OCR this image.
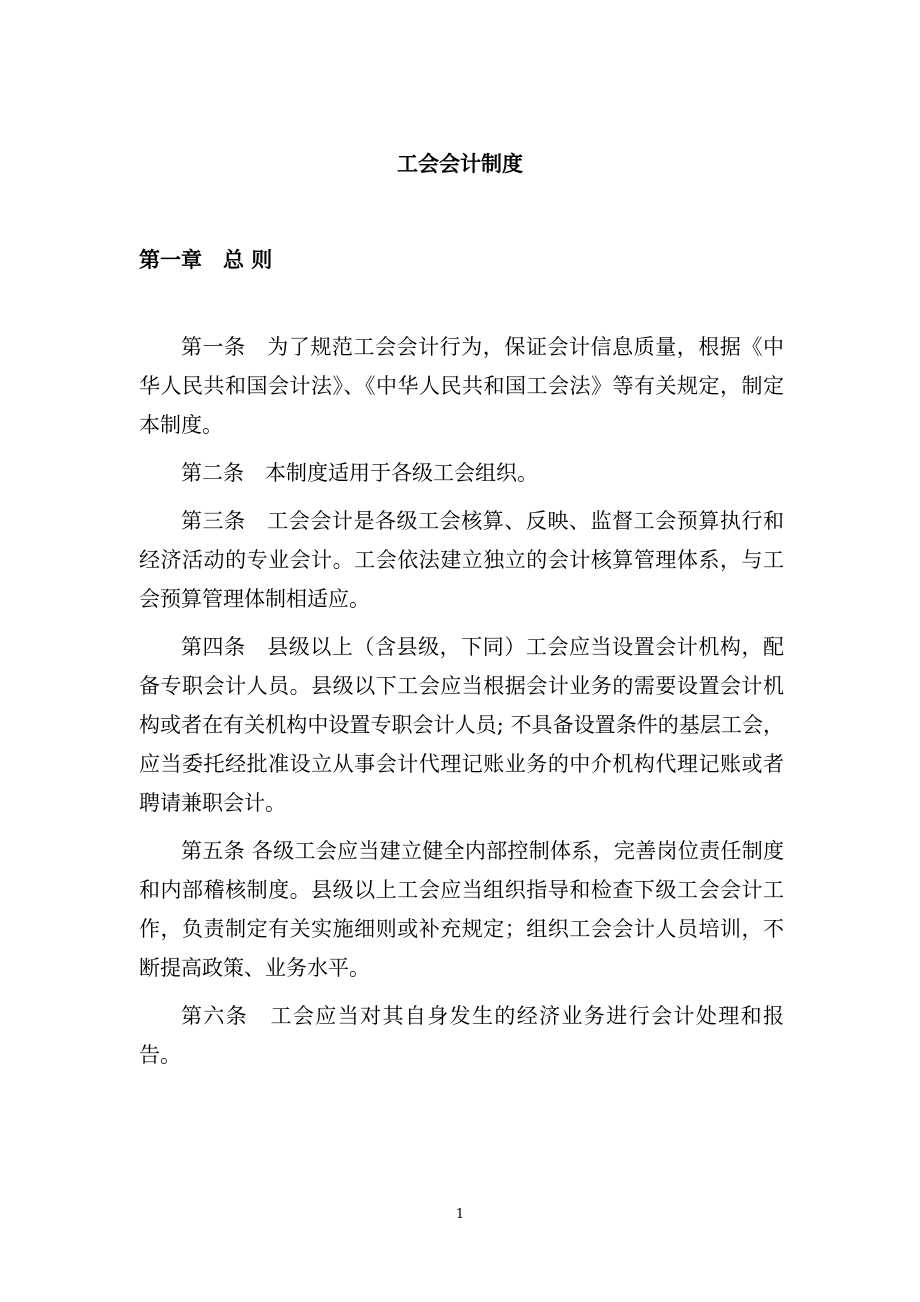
工会会计制度
第一章　总 则

第一条　为了规范工会会计行为，保证会计信息质量，根据《中华人民共和国会计法》、《中华人民共和国工会法》等有关规定，制定本制度。

第二条　本制度适用于各级工会组织。

第三条　工会会计是各级工会核算、反映、监督工会预算执行和经济活动的专业会计。工会依法建立独立的会计核算管理体系，与工会预算管理体制相适应。

第四条　县级以上（含县级，下同）工会应当设置会计机构，配备专职会计人员。县级以下工会应当根据会计业务的需要设置会计机构或者在有关机构中设置专职会计人员; 不具备设置条件的基层工会，应当委托经批准设立从事会计代理记账业务的中介机构代理记账或者聘请兼职会计。

第五条 各级工会应当建立健全内部控制体系，完善岗位责任制度和内部稽核制度。县级以上工会应当组织指导和检查下级工会会计工作，负责制定有关实施细则或补充规定；组织工会会计人员培训，不断提高政策、业务水平。

第六条　工会应当对其自身发生的经济业务进行会计处理和报告。

1
